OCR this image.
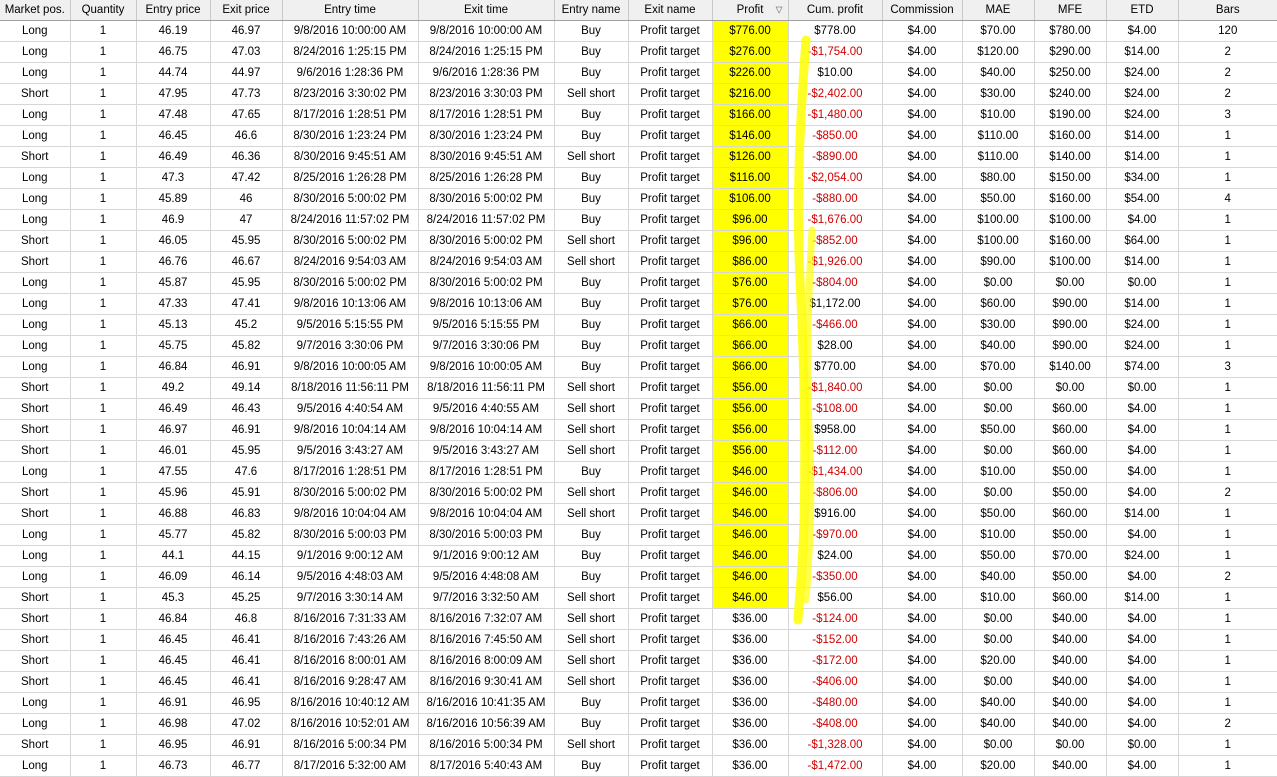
Market pos.	Quantity	Entry price	Exit price	Entry time	Exit time	Entry name	Exit name	Profit ▽	Cum. profit	Commission	MAE	MFE	ETD	Bars
Long	1	46.19	46.97	9/8/2016 10:00:00 AM	9/8/2016 10:00:00 AM	Buy	Profit target	$776.00	$778.00	$4.00	$70.00	$780.00	$4.00	120
Long	1	46.75	47.03	8/24/2016 1:25:15 PM	8/24/2016 1:25:15 PM	Buy	Profit target	$276.00	-$1,754.00	$4.00	$120.00	$290.00	$14.00	2
Long	1	44.74	44.97	9/6/2016 1:28:36 PM	9/6/2016 1:28:36 PM	Buy	Profit target	$226.00	$10.00	$4.00	$40.00	$250.00	$24.00	2
Short	1	47.95	47.73	8/23/2016 3:30:02 PM	8/23/2016 3:30:03 PM	Sell short	Profit target	$216.00	-$2,402.00	$4.00	$30.00	$240.00	$24.00	2
Long	1	47.48	47.65	8/17/2016 1:28:51 PM	8/17/2016 1:28:51 PM	Buy	Profit target	$166.00	-$1,480.00	$4.00	$10.00	$190.00	$24.00	3
Long	1	46.45	46.6	8/30/2016 1:23:24 PM	8/30/2016 1:23:24 PM	Buy	Profit target	$146.00	-$850.00	$4.00	$110.00	$160.00	$14.00	1
Short	1	46.49	46.36	8/30/2016 9:45:51 AM	8/30/2016 9:45:51 AM	Sell short	Profit target	$126.00	-$890.00	$4.00	$110.00	$140.00	$14.00	1
Long	1	47.3	47.42	8/25/2016 1:26:28 PM	8/25/2016 1:26:28 PM	Buy	Profit target	$116.00	-$2,054.00	$4.00	$80.00	$150.00	$34.00	1
Long	1	45.89	46	8/30/2016 5:00:02 PM	8/30/2016 5:00:02 PM	Buy	Profit target	$106.00	-$880.00	$4.00	$50.00	$160.00	$54.00	4
Long	1	46.9	47	8/24/2016 11:57:02 PM	8/24/2016 11:57:02 PM	Buy	Profit target	$96.00	-$1,676.00	$4.00	$100.00	$100.00	$4.00	1
Short	1	46.05	45.95	8/30/2016 5:00:02 PM	8/30/2016 5:00:02 PM	Sell short	Profit target	$96.00	-$852.00	$4.00	$100.00	$160.00	$64.00	1
Short	1	46.76	46.67	8/24/2016 9:54:03 AM	8/24/2016 9:54:03 AM	Sell short	Profit target	$86.00	-$1,926.00	$4.00	$90.00	$100.00	$14.00	1
Long	1	45.87	45.95	8/30/2016 5:00:02 PM	8/30/2016 5:00:02 PM	Buy	Profit target	$76.00	-$804.00	$4.00	$0.00	$0.00	$0.00	1
Long	1	47.33	47.41	9/8/2016 10:13:06 AM	9/8/2016 10:13:06 AM	Buy	Profit target	$76.00	$1,172.00	$4.00	$60.00	$90.00	$14.00	1
Long	1	45.13	45.2	9/5/2016 5:15:55 PM	9/5/2016 5:15:55 PM	Buy	Profit target	$66.00	-$466.00	$4.00	$30.00	$90.00	$24.00	1
Long	1	45.75	45.82	9/7/2016 3:30:06 PM	9/7/2016 3:30:06 PM	Buy	Profit target	$66.00	$28.00	$4.00	$40.00	$90.00	$24.00	1
Long	1	46.84	46.91	9/8/2016 10:00:05 AM	9/8/2016 10:00:05 AM	Buy	Profit target	$66.00	$770.00	$4.00	$70.00	$140.00	$74.00	3
Short	1	49.2	49.14	8/18/2016 11:56:11 PM	8/18/2016 11:56:11 PM	Sell short	Profit target	$56.00	-$1,840.00	$4.00	$0.00	$0.00	$0.00	1
Short	1	46.49	46.43	9/5/2016 4:40:54 AM	9/5/2016 4:40:55 AM	Sell short	Profit target	$56.00	-$108.00	$4.00	$0.00	$60.00	$4.00	1
Short	1	46.97	46.91	9/8/2016 10:04:14 AM	9/8/2016 10:04:14 AM	Sell short	Profit target	$56.00	$958.00	$4.00	$50.00	$60.00	$4.00	1
Short	1	46.01	45.95	9/5/2016 3:43:27 AM	9/5/2016 3:43:27 AM	Sell short	Profit target	$56.00	-$112.00	$4.00	$0.00	$60.00	$4.00	1
Long	1	47.55	47.6	8/17/2016 1:28:51 PM	8/17/2016 1:28:51 PM	Buy	Profit target	$46.00	-$1,434.00	$4.00	$10.00	$50.00	$4.00	1
Short	1	45.96	45.91	8/30/2016 5:00:02 PM	8/30/2016 5:00:02 PM	Sell short	Profit target	$46.00	-$806.00	$4.00	$0.00	$50.00	$4.00	2
Short	1	46.88	46.83	9/8/2016 10:04:04 AM	9/8/2016 10:04:04 AM	Sell short	Profit target	$46.00	$916.00	$4.00	$50.00	$60.00	$14.00	1
Long	1	45.77	45.82	8/30/2016 5:00:03 PM	8/30/2016 5:00:03 PM	Buy	Profit target	$46.00	-$970.00	$4.00	$10.00	$50.00	$4.00	1
Long	1	44.1	44.15	9/1/2016 9:00:12 AM	9/1/2016 9:00:12 AM	Buy	Profit target	$46.00	$24.00	$4.00	$50.00	$70.00	$24.00	1
Long	1	46.09	46.14	9/5/2016 4:48:03 AM	9/5/2016 4:48:08 AM	Buy	Profit target	$46.00	-$350.00	$4.00	$40.00	$50.00	$4.00	2
Short	1	45.3	45.25	9/7/2016 3:30:14 AM	9/7/2016 3:32:50 AM	Sell short	Profit target	$46.00	$56.00	$4.00	$10.00	$60.00	$14.00	1
Short	1	46.84	46.8	8/16/2016 7:31:33 AM	8/16/2016 7:32:07 AM	Sell short	Profit target	$36.00	-$124.00	$4.00	$0.00	$40.00	$4.00	1
Short	1	46.45	46.41	8/16/2016 7:43:26 AM	8/16/2016 7:45:50 AM	Sell short	Profit target	$36.00	-$152.00	$4.00	$0.00	$40.00	$4.00	1
Short	1	46.45	46.41	8/16/2016 8:00:01 AM	8/16/2016 8:00:09 AM	Sell short	Profit target	$36.00	-$172.00	$4.00	$20.00	$40.00	$4.00	1
Short	1	46.45	46.41	8/16/2016 9:28:47 AM	8/16/2016 9:30:41 AM	Sell short	Profit target	$36.00	-$406.00	$4.00	$0.00	$40.00	$4.00	1
Long	1	46.91	46.95	8/16/2016 10:40:12 AM	8/16/2016 10:41:35 AM	Buy	Profit target	$36.00	-$480.00	$4.00	$40.00	$40.00	$4.00	1
Long	1	46.98	47.02	8/16/2016 10:52:01 AM	8/16/2016 10:56:39 AM	Buy	Profit target	$36.00	-$408.00	$4.00	$40.00	$40.00	$4.00	2
Short	1	46.95	46.91	8/16/2016 5:00:34 PM	8/16/2016 5:00:34 PM	Sell short	Profit target	$36.00	-$1,328.00	$4.00	$0.00	$0.00	$0.00	1
Long	1	46.73	46.77	8/17/2016 5:32:00 AM	8/17/2016 5:40:43 AM	Buy	Profit target	$36.00	-$1,472.00	$4.00	$20.00	$40.00	$4.00	1
